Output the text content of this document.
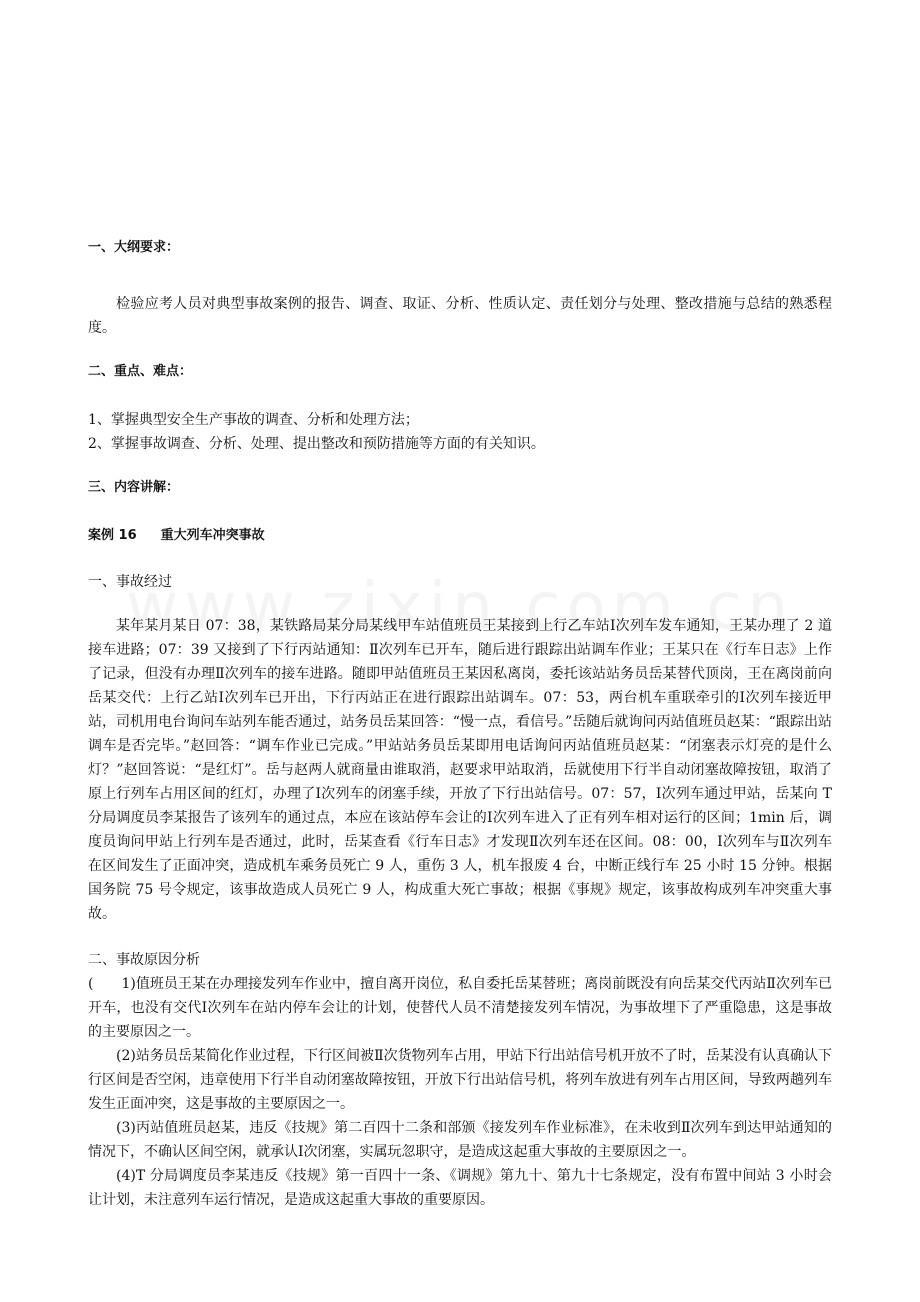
一、大纲要求：
检验应考人员对典型事故案例的报告、调查、取证、分析、性质认定、责任划分与处理、整改措施与总结的熟悉程度。
二、重点、难点：
1、掌握典型安全生产事故的调查、分析和处理方法；
2、掌握事故调查、分析、处理、提出整改和预防措施等方面的有关知识。
三、内容讲解：
案例 16 重大列车冲突事故
一、事故经过
某年某月某日 07：38，某铁路局某分局某线甲车站值班员王某接到上行乙车站Ⅰ次列车发车通知，王某办理了 2 道接车进路；07：39 又接到了下行丙站通知：Ⅱ次列车已开车，随后进行跟踪出站调车作业；王某只在《行车日志》上作了记录，但没有办理Ⅱ次列车的接车进路。随即甲站值班员王某因私离岗，委托该站站务员岳某替代顶岗，王在离岗前向岳某交代：上行乙站Ⅰ次列车已开出，下行丙站正在进行跟踪出站调车。07：53，两台机车重联牵引的Ⅰ次列车接近甲站，司机用电台询问车站列车能否通过，站务员岳某回答：“慢一点，看信号。”岳随后就询问丙站值班员赵某：“跟踪出站调车是否完毕。”赵回答：“调车作业已完成。”甲站站务员岳某即用电话询问丙站值班员赵某：“闭塞表示灯亮的是什么灯？”赵回答说：“是红灯”。岳与赵两人就商量由谁取消，赵要求甲站取消，岳就使用下行半自动闭塞故障按钮，取消了原上行列车占用区间的红灯，办理了Ⅰ次列车的闭塞手续，开放了下行出站信号。07：57，Ⅰ次列车通过甲站，岳某向 T 分局调度员李某报告了该列车的通过点，本应在该站停车会让的Ⅰ次列车进入了正有列车相对运行的区间；1min 后，调度员询问甲站上行列车是否通过，此时，岳某查看《行车日志》才发现Ⅱ次列车还在区间。08：00，Ⅰ次列车与Ⅱ次列车在区间发生了正面冲突，造成机车乘务员死亡 9 人，重伤 3 人，机车报废 4 台，中断正线行车 25 小时 15 分钟。根据国务院 75 号令规定，该事故造成人员死亡 9 人，构成重大死亡事故；根据《事规》规定，该事故构成列车冲突重大事故。
二、事故原因分析
(　　1)值班员王某在办理接发列车作业中，擅自离开岗位，私自委托岳某替班；离岗前既没有向岳某交代丙站Ⅱ次列车已开车，也没有交代Ⅰ次列车在站内停车会让的计划，使替代人员不清楚接发列车情况，为事故埋下了严重隐患，这是事故的主要原因之一。
(2)站务员岳某简化作业过程，下行区间被Ⅱ次货物列车占用，甲站下行出站信号机开放不了时，岳某没有认真确认下行区间是否空闲，违章使用下行半自动闭塞故障按钮，开放下行出站信号机，将列车放进有列车占用区间，导致两趟列车发生正面冲突，这是事故的主要原因之一。
(3)丙站值班员赵某，违反《技规》第二百四十二条和部颁《接发列车作业标准》，在未收到Ⅱ次列车到达甲站通知的情况下，不确认区间空闲，就承认Ⅰ次闭塞，实属玩忽职守，是造成这起重大事故的主要原因之一。
(4)T 分局调度员李某违反《技规》第一百四十一条、《调规》第九十、第九十七条规定，没有布置中间站 3 小时会让计划，未注意列车运行情况，是造成这起重大事故的重要原因。
